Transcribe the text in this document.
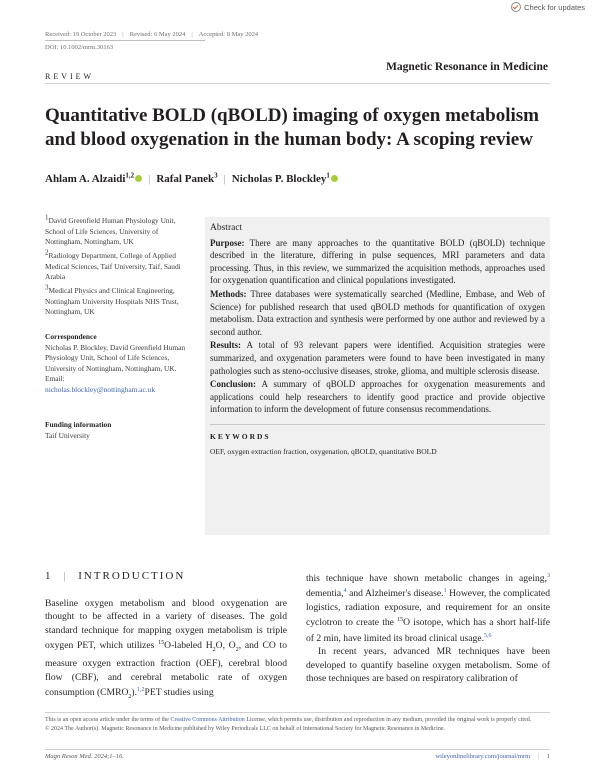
Check for updates
Received: 19 October 2023 | Revised: 6 May 2024 | Accepted: 8 May 2024
DOI: 10.1002/mrm.30163
REVIEW
Magnetic Resonance in Medicine
Quantitative BOLD (qBOLD) imaging of oxygen metabolism and blood oxygenation in the human body: A scoping review
Ahlam A. Alzaidi$^{1,2}$	| Rafal Panek$^3$ | Nicholas P. Blockley$^1$
1David Greenfield Human Physiology Unit, School of Life Sciences, University of Nottingham, Nottingham, UK
2Radiology Department, College of Applied Medical Sciences, Taif University, Taif, Saudi Arabia
3Medical Physics and Clinical Engineering, Nottingham University Hospitals NHS Trust, Nottingham, UK
Correspondence
Nicholas P. Blockley, David Greenfield Human Physiology Unit, School of Life Sciences, University of Nottingham, Nottingham, UK.
Email:
nicholas.blockley@nottingham.ac.uk
Funding information
Taif University
Abstract

Purpose: There are many approaches to the quantitative BOLD (qBOLD) technique described in the literature, differing in pulse sequences, MRI parameters and data processing. Thus, in this review, we summarized the acquisition methods, approaches used for oxygenation quantification and clinical populations investigated.

Methods: Three databases were systematically searched (Medline, Embase, and Web of Science) for published research that used qBOLD methods for quantification of oxygen metabolism. Data extraction and synthesis were performed by one author and reviewed by a second author.

Results: A total of 93 relevant papers were identified. Acquisition strategies were summarized, and oxygenation parameters were found to have been investigated in many pathologies such as steno-occlusive diseases, stroke, glioma, and multiple sclerosis disease.

Conclusion: A summary of qBOLD approaches for oxygenation measurements and applications could help researchers to identify good practice and provide objective information to inform the development of future consensus recommendations.

KEYWORDS
OEF, oxygen extraction fraction, oxygenation, qBOLD, quantitative BOLD
1 | INTRODUCTION

Baseline oxygen metabolism and blood oxygenation are thought to be affected in a variety of diseases. The gold standard technique for mapping oxygen metabolism is triple oxygen PET, which utilizes $^{15}$O-labeled $H_2O$, $O_2$, and CO to measure oxygen extraction fraction (OEF), cerebral blood flow (CBF), and cerebral metabolic rate of oxygen consumption $(CMRO_2).^{1,2}PET$ studies using

this technique have shown metabolic changes in ageing,$^3$ dementia,$^4$ and Alzheimer's disease.$^1$ However, the complicated logistics, radiation exposure, and requirement for an onsite cyclotron to create the $^{15}$O isotope, which has a short half-life of 2 min, have limited its broad clinical usage.$^{5,6}$

In recent years, advanced MR techniques have been developed to quantify baseline oxygen metabolism. Some of those techniques are based on respiratory calibration of

This is an open access article under the terms of the Creative Commons Attribution License, which permits use, distribution and reproduction in any medium, provided the original work is properly cited.
© 2024 The Author(s). Magnetic Resonance in Medicine published by Wiley Periodicals LLC on behalf of International Society for Magnetic Resonance in Medicine.
Magn Reson Med. 2024;1–16.	wileyonlinelibrary.com/journal/mrm | 1
